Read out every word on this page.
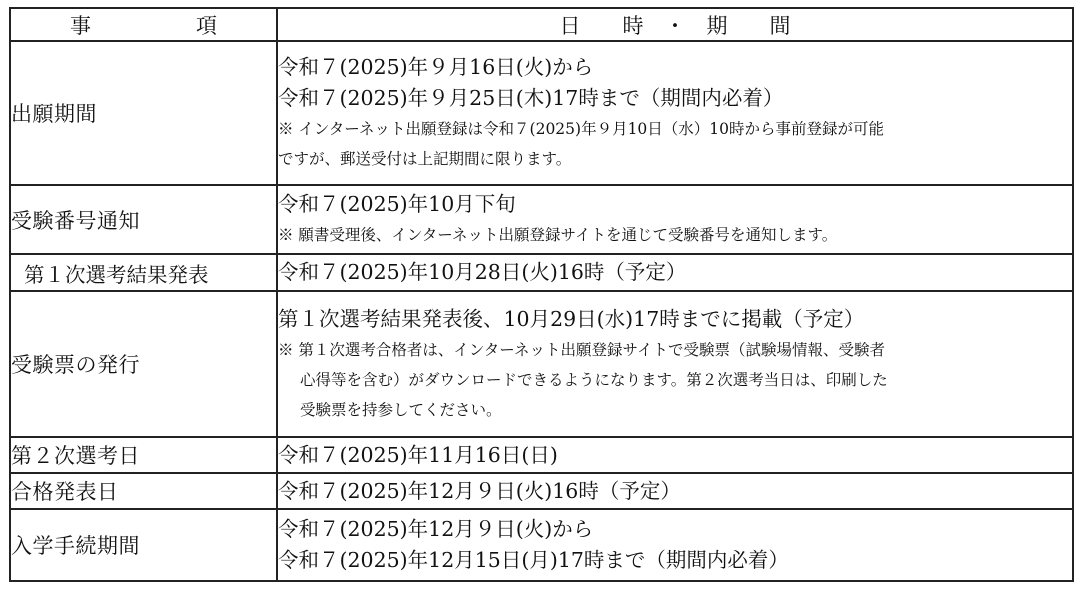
事　　　　　項	日　　時　・　期　　間
出願期間	令和７(2025)年９月16日(火)から
令和７(2025)年９月25日(木)17時まで（期間内必着）
※ インターネット出願登録は令和７(2025)年９月10日（水）10時から事前登録が可能
ですが、郵送受付は上記期間に限ります。

受験番号通知	令和７(2025)年10月下旬
※ 願書受理後、インターネット出願登録サイトを通じて受験番号を通知します。

第１次選考結果発表	令和７(2025)年10月28日(火)16時（予定）

受験票の発行	第１次選考結果発表後、10月29日(水)17時までに掲載（予定）
※ 第１次選考合格者は、インターネット出願登録サイトで受験票（試験場情報、受験者
心得等を含む）がダウンロードできるようになります。第２次選考当日は、印刷した
受験票を持参してください。

第２次選考日	令和７(2025)年11月16日(日)

合格発表日	令和７(2025)年12月９日(火)16時（予定）

入学手続期間	令和７(2025)年12月９日(火)から
令和７(2025)年12月15日(月)17時まで（期間内必着）
